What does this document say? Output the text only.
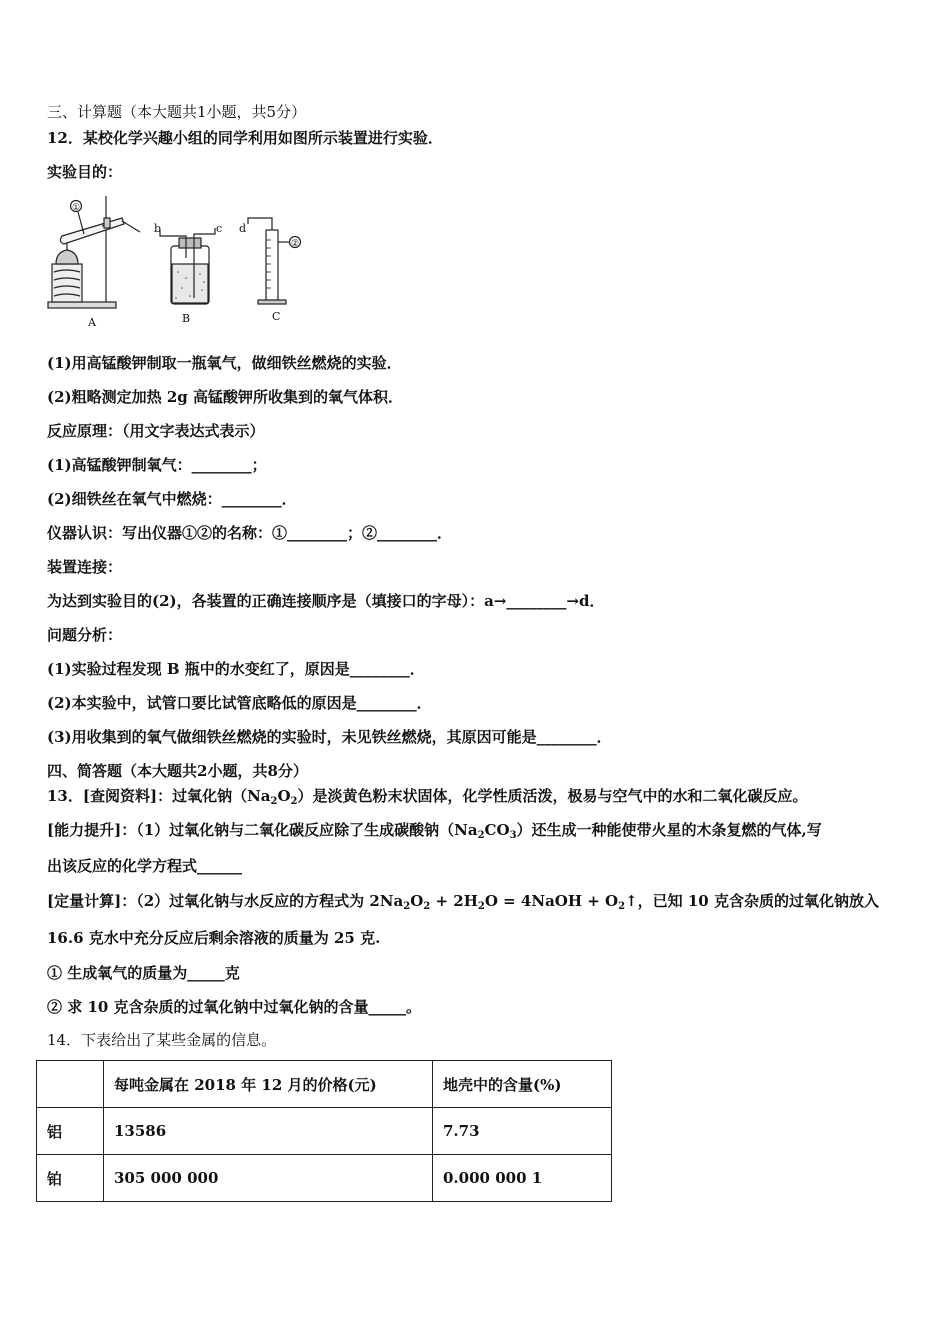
三、计算题（本大题共1小题，共5分）
12．某校化学兴趣小组的同学利用如图所示装置进行实验．
实验目的：
①
②
b	c d
A	B	C
(1)用高锰酸钾制取一瓶氧气，做细铁丝燃烧的实验．
(2)粗略测定加热 2g 高锰酸钾所收集到的氧气体积．
反应原理：（用文字表达式表示）
(1)高锰酸钾制氧气：________；
(2)细铁丝在氧气中燃烧：________．
仪器认识：写出仪器①②的名称：①________；②________．
装置连接：
为达到实验目的(2)，各装置的正确连接顺序是（填接口的字母）：a→________→d．
问题分析：
(1)实验过程发现 B 瓶中的水变红了，原因是________．
(2)本实验中，试管口要比试管底略低的原因是________．
(3)用收集到的氧气做细铁丝燃烧的实验时，未见铁丝燃烧，其原因可能是________．
四、简答题（本大题共2小题，共8分）
13．[查阅资料]：过氧化钠$(Na_2O_2)$是淡黄色粉末状固体，化学性质活泼，极易与空气中的水和二氧化碳反应。
[能力提升]：（1）过氧化钠与二氧化碳反应除了生成碳酸钠$(Na_2CO_3)$还生成一种能使带火星的木条复燃的气体,写
出该反应的化学方程式______
[定量计算]：（2）过氧化钠与水反应的方程式为 $2Na_2O_2 + 2H_2O$ = 4NaOH + $O_2↑$，已知 10 克含杂质的过氧化钠放入
16.6 克水中充分反应后剩余溶液的质量为 25 克.
① 生成氧气的质量为_____克
② 求 10 克含杂质的过氧化钠中过氧化钠的含量_____。
14．下表给出了某些金属的信息。
	每吨金属在 2018 年 12 月的价格(元)	地壳中的含量(%)
铝	13586	7.73
铂	305 000 000	0.000 000 1
